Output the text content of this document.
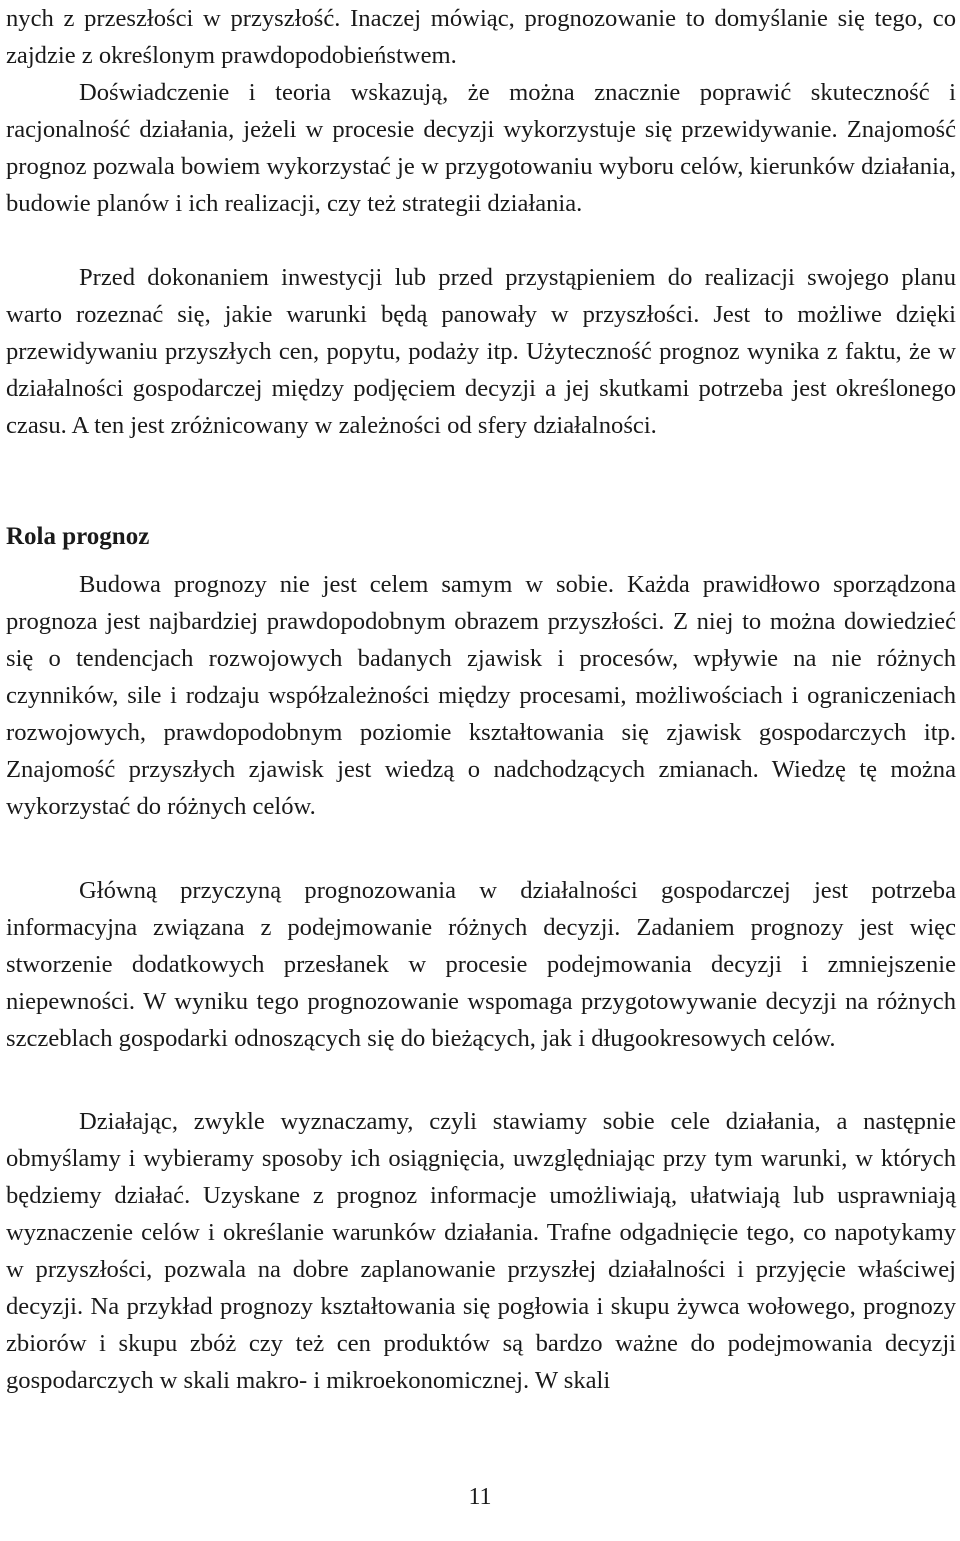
nych z przeszłości w przyszłość. Inaczej mówiąc, prognozowanie to domyślanie się tego, co zajdzie z określonym prawdopodobieństwem.

Doświadczenie i teoria wskazują, że można znacznie poprawić skuteczność i racjonalność działania, jeżeli w procesie decyzji wykorzystuje się przewidywanie. Znajomość prognoz pozwala bowiem wykorzystać je w przygotowaniu wyboru celów, kierunków działania, budowie planów i ich realizacji, czy też strategii działania.

Przed dokonaniem inwestycji lub przed przystąpieniem do realizacji swojego planu warto rozeznać się, jakie warunki będą panowały w przyszłości. Jest to możliwe dzięki przewidywaniu przyszłych cen, popytu, podaży itp. Użyteczność prognoz wynika z faktu, że w działalności gospodarczej między podjęciem decyzji a jej skutkami potrzeba jest określonego czasu. A ten jest zróżnicowany w zależności od sfery działalności.

Rola prognoz

Budowa prognozy nie jest celem samym w sobie. Każda prawidłowo sporządzona prognoza jest najbardziej prawdopodobnym obrazem przyszłości. Z niej to można dowiedzieć się o tendencjach rozwojowych badanych zjawisk i procesów, wpływie na nie różnych czynników, sile i rodzaju współzależności między procesami, możliwościach i ograniczeniach rozwojowych, prawdopodobnym poziomie kształtowania się zjawisk gospodarczych itp. Znajomość przyszłych zjawisk jest wiedzą o nadchodzących zmianach. Wiedzę tę można wykorzystać do różnych celów.

Główną przyczyną prognozowania w działalności gospodarczej jest potrzeba informacyjna związana z podejmowanie różnych decyzji. Zadaniem prognozy jest więc stworzenie dodatkowych przesłanek w procesie podejmowania decyzji i zmniejszenie niepewności. W wyniku tego prognozowanie wspomaga przygotowywanie decyzji na różnych szczeblach gospodarki odnoszących się do bieżących, jak i długookresowych celów.

Działając, zwykle wyznaczamy, czyli stawiamy sobie cele działania, a następnie obmyślamy i wybieramy sposoby ich osiągnięcia, uwzględniając przy tym warunki, w których będziemy działać. Uzyskane z prognoz informacje umożliwiają, ułatwiają lub usprawniają wyznaczenie celów i określanie warunków działania. Trafne odgadnięcie tego, co napotykamy w przyszłości, pozwala na dobre zaplanowanie przyszłej działalności i przyjęcie właściwej decyzji. Na przykład prognozy kształtowania się pogłowia i skupu żywca wołowego, prognozy zbiorów i skupu zbóż czy też cen produktów są bardzo ważne do podejmowania decyzji gospodarczych w skali makro- i mikroekonomicznej. W skali

11
